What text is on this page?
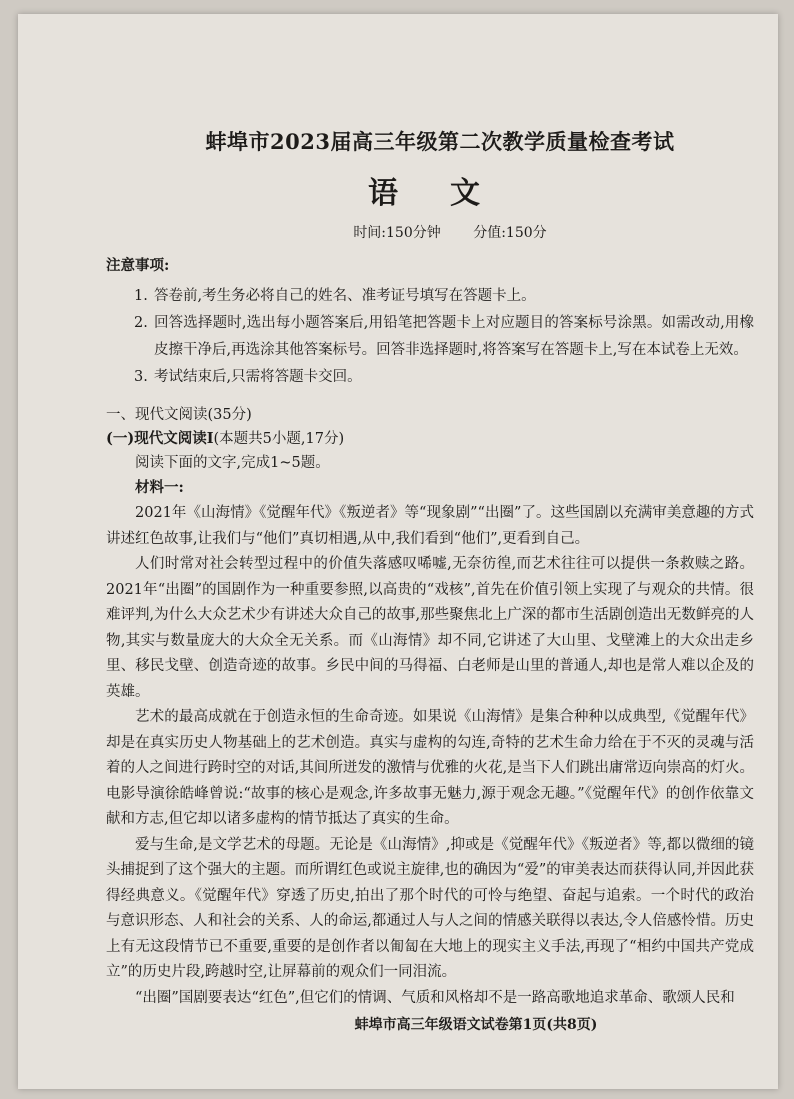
蚌埠市2023届高三年级第二次教学质量检查考试
语文
时间:150分钟 分值:150分
注意事项:
1. 答卷前,考生务必将自己的姓名、准考证号填写在答题卡上。
2. 回答选择题时,选出每小题答案后,用铅笔把答题卡上对应题目的答案标号涂黑。如需改动,用橡皮擦干净后,再选涂其他答案标号。回答非选择题时,将答案写在答题卡上,写在本试卷上无效。
3. 考试结束后,只需将答题卡交回。
一、现代文阅读(35分)
(一)现代文阅读Ⅰ(本题共5小题,17分)
阅读下面的文字,完成1~5题。
材料一:

2021年《山海情》《觉醒年代》《叛逆者》等“现象剧”“出圈”了。这些国剧以充满审美意趣的方式讲述红色故事,让我们与“他们”真切相遇,从中,我们看到“他们”,更看到自己。

人们时常对社会转型过程中的价值失落感叹唏嘘,无奈彷徨,而艺术往往可以提供一条救赎之路。2021年“出圈”的国剧作为一种重要参照,以高贵的“戏核”,首先在价值引领上实现了与观众的共情。很难评判,为什么大众艺术少有讲述大众自己的故事,那些聚焦北上广深的都市生活剧创造出无数鲜亮的人物,其实与数量庞大的大众全无关系。而《山海情》却不同,它讲述了大山里、戈壁滩上的大众出走乡里、移民戈壁、创造奇迹的故事。乡民中间的马得福、白老师是山里的普通人,却也是常人难以企及的英雄。

艺术的最高成就在于创造永恒的生命奇迹。如果说《山海情》是集合种种以成典型,《觉醒年代》却是在真实历史人物基础上的艺术创造。真实与虚构的勾连,奇特的艺术生命力给在于不灭的灵魂与活着的人之间进行跨时空的对话,其间所迸发的激情与优雅的火花,是当下人们跳出庸常迈向崇高的灯火。电影导演徐皓峰曾说:“故事的核心是观念,许多故事无魅力,源于观念无趣。”《觉醒年代》的创作依靠文献和方志,但它却以诸多虚构的情节抵达了真实的生命。

爱与生命,是文学艺术的母题。无论是《山海情》,抑或是《觉醒年代》《叛逆者》等,都以微细的镜头捕捉到了这个强大的主题。而所谓红色或说主旋律,也的确因为“爱”的审美表达而获得认同,并因此获得经典意义。《觉醒年代》穿透了历史,拍出了那个时代的可怜与绝望、奋起与追索。一个时代的政治与意识形态、人和社会的关系、人的命运,都通过人与人之间的情感关联得以表达,令人倍感怜惜。历史上有无这段情节已不重要,重要的是创作者以匍匐在大地上的现实主义手法,再现了“相约中国共产党成立”的历史片段,跨越时空,让屏幕前的观众们一同泪流。

“出圈”国剧要表达“红色”,但它们的情调、气质和风格却不是一路高歌地追求革命、歌颂人民和

蚌埠市高三年级语文试卷第1页(共8页)
